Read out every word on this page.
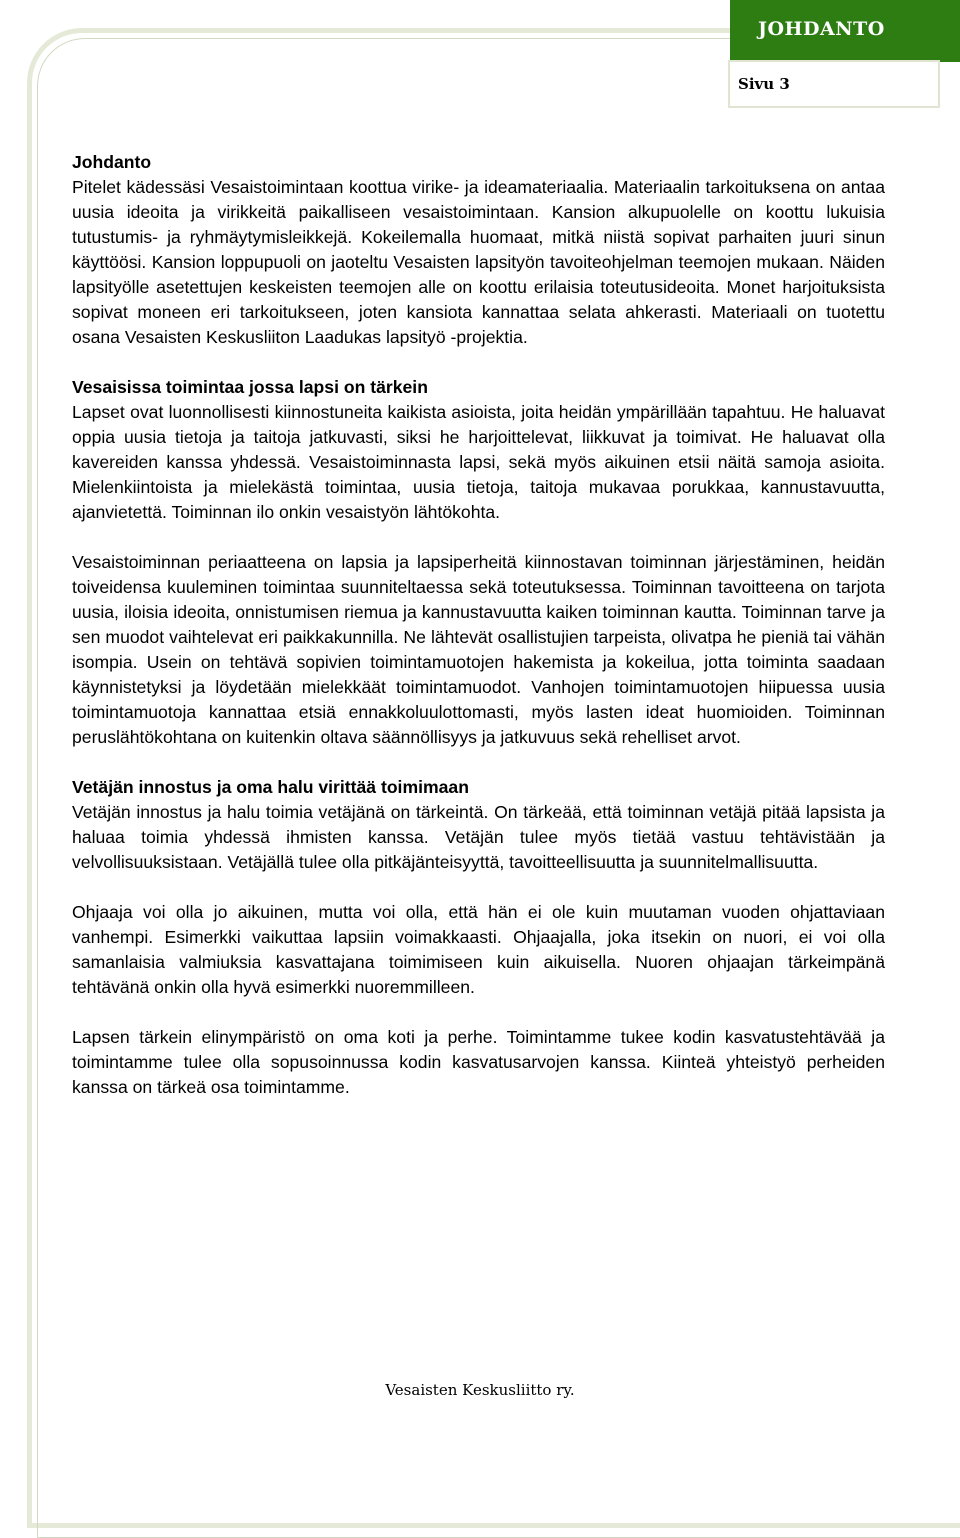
JOHDANTO
Sivu 3
Johdanto

Pitelet kädessäsi Vesaistoimintaan koottua virike- ja ideamateriaalia. Materiaalin tarkoituksena on antaa uusia ideoita ja virikkeitä paikalliseen vesaistoimintaan. Kansion alkupuolelle on koottu lukuisia tutustumis- ja ryhmäytymisleikkejä. Kokeilemalla huomaat, mitkä niistä sopivat parhaiten juuri sinun käyttöösi. Kansion loppupuoli on jaoteltu Vesaisten lapsityön tavoiteohjelman teemojen mukaan. Näiden lapsityölle asetettujen keskeisten teemojen alle on koottu erilaisia toteutusideoita. Monet harjoituksista sopivat moneen eri tarkoitukseen, joten kansiota kannattaa selata ahkerasti. Materiaali on tuotettu osana Vesaisten Keskusliiton Laadukas lapsityö -projektia.

Vesaisissa toimintaa jossa lapsi on tärkein

Lapset ovat luonnollisesti kiinnostuneita kaikista asioista, joita heidän ympärillään tapahtuu. He haluavat oppia uusia tietoja ja taitoja jatkuvasti, siksi he harjoittelevat, liikkuvat ja toimivat. He haluavat olla kavereiden kanssa yhdessä. Vesaistoiminnasta lapsi, sekä myös aikuinen etsii näitä samoja asioita. Mielenkiintoista ja mielekästä toimintaa, uusia tietoja, taitoja mukavaa porukkaa, kannustavuutta, ajanvietettä. Toiminnan ilo onkin vesaistyön lähtökohta.

Vesaistoiminnan periaatteena on lapsia ja lapsiperheitä kiinnostavan toiminnan järjestäminen, heidän toiveidensa kuuleminen toimintaa suunniteltaessa sekä toteutuksessa. Toiminnan tavoitteena on tarjota uusia, iloisia ideoita, onnistumisen riemua ja kannustavuutta kaiken toiminnan kautta. Toiminnan tarve ja sen muodot vaihtelevat eri paikkakunnilla. Ne lähtevät osallistujien tarpeista, olivatpa he pieniä tai vähän isompia. Usein on tehtävä sopivien toimintamuotojen hakemista ja kokeilua, jotta toiminta saadaan käynnistetyksi ja löydetään mielekkäät toimintamuodot. Vanhojen toimintamuotojen hiipuessa uusia toimintamuotoja kannattaa etsiä ennakkoluulottomasti, myös lasten ideat huomioiden. Toiminnan peruslähtökohtana on kuitenkin oltava säännöllisyys ja jatkuvuus sekä rehelliset arvot.

Vetäjän innostus ja oma halu virittää toimimaan

Vetäjän innostus ja halu toimia vetäjänä on tärkeintä. On tärkeää, että toiminnan vetäjä pitää lapsista ja haluaa toimia yhdessä ihmisten kanssa. Vetäjän tulee myös tietää vastuu tehtävistään ja velvollisuuksistaan. Vetäjällä tulee olla pitkäjänteisyyttä, tavoitteellisuutta ja suunnitelmallisuutta.

Ohjaaja voi olla jo aikuinen, mutta voi olla, että hän ei ole kuin muutaman vuoden ohjattaviaan vanhempi. Esimerkki vaikuttaa lapsiin voimakkaasti. Ohjaajalla, joka itsekin on nuori, ei voi olla samanlaisia valmiuksia kasvattajana toimimiseen kuin aikuisella. Nuoren ohjaajan tärkeimpänä tehtävänä onkin olla hyvä esimerkki nuoremmilleen.

Lapsen tärkein elinympäristö on oma koti ja perhe. Toimintamme tukee kodin kasvatustehtävää ja toimintamme tulee olla sopusoinnussa kodin kasvatusarvojen kanssa. Kiinteä yhteistyö perheiden kanssa on tärkeä osa toimintamme.

Vesaisten Keskusliitto ry.
